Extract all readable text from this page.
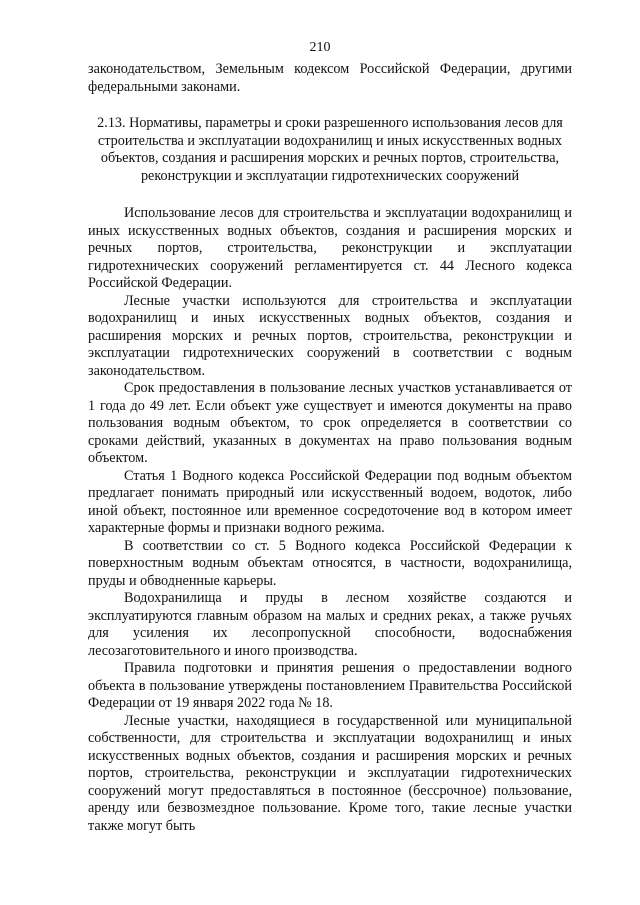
210

законодательством, Земельным кодексом Российской Федерации, другими федеральными законами.

2.13. Нормативы, параметры и сроки разрешенного использования лесов для строительства и эксплуатации водохранилищ и иных искусственных водных объектов, создания и расширения морских и речных портов, строительства, реконструкции и эксплуатации гидротехнических сооружений

Использование лесов для строительства и эксплуатации водохранилищ и иных искусственных водных объектов, создания и расширения морских и речных портов, строительства, реконструкции и эксплуатации гидротехнических сооружений регламентируется ст. 44 Лесного кодекса Российской Федерации.

Лесные участки используются для строительства и эксплуатации водохранилищ и иных искусственных водных объектов, создания и расширения морских и речных портов, строительства, реконструкции и эксплуатации гидротехнических сооружений в соответствии с водным законодательством.

Срок предоставления в пользование лесных участков устанавливается от 1 года до 49 лет. Если объект уже существует и имеются документы на право пользования водным объектом, то срок определяется в соответствии со сроками действий, указанных в документах на право пользования водным объектом.

Статья 1 Водного кодекса Российской Федерации под водным объектом предлагает понимать природный или искусственный водоем, водоток, либо иной объект, постоянное или временное сосредоточение вод в котором имеет характерные формы и признаки водного режима.

В соответствии со ст. 5 Водного кодекса Российской Федерации к поверхностным водным объектам относятся, в частности, водохранилища, пруды и обводненные карьеры.

Водохранилища и пруды в лесном хозяйстве создаются и эксплуатируются главным образом на малых и средних реках, а также ручьях для усиления их лесопропускной способности, водоснабжения лесозаготовительного и иного производства.

Правила подготовки и принятия решения о предоставлении водного объекта в пользование утверждены постановлением Правительства Российской Федерации от 19 января 2022 года № 18.

Лесные участки, находящиеся в государственной или муниципальной собственности, для строительства и эксплуатации водохранилищ и иных искусственных водных объектов, создания и расширения морских и речных портов, строительства, реконструкции и эксплуатации гидротехнических сооружений могут предоставляться в постоянное (бессрочное) пользование, аренду или безвозмездное пользование. Кроме того, такие лесные участки также могут быть
